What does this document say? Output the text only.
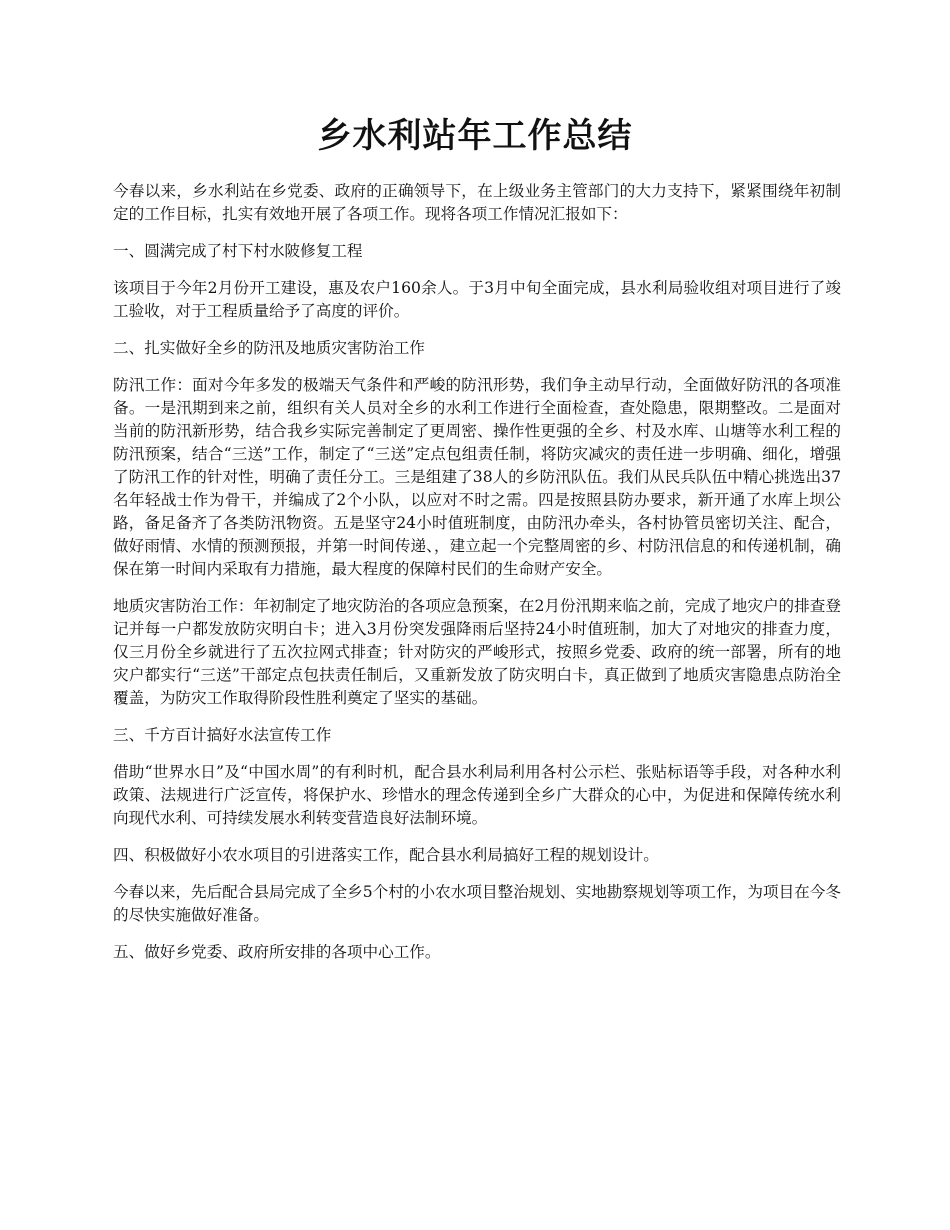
乡水利站年工作总结

今春以来，乡水利站在乡党委、政府的正确领导下，在上级业务主管部门的大力支持下，紧紧围绕年初制定的工作目标，扎实有效地开展了各项工作。现将各项工作情况汇报如下：

一、圆满完成了村下村水陂修复工程

该项目于今年2月份开工建设，惠及农户160余人。于3月中旬全面完成，县水利局验收组对项目进行了竣工验收，对于工程质量给予了高度的评价。

二、扎实做好全乡的防汛及地质灾害防治工作

防汛工作：面对今年多发的极端天气条件和严峻的防汛形势，我们争主动早行动，全面做好防汛的各项准备。一是汛期到来之前，组织有关人员对全乡的水利工作进行全面检查，查处隐患，限期整改。二是面对当前的防汛新形势，结合我乡实际完善制定了更周密、操作性更强的全乡、村及水库、山塘等水利工程的防汛预案，结合“三送”工作，制定了“三送”定点包组责任制，将防灾减灾的责任进一步明确、细化，增强了防汛工作的针对性，明确了责任分工。三是组建了38人的乡防汛队伍。我们从民兵队伍中精心挑选出37名年轻战士作为骨干，并编成了2个小队，以应对不时之需。四是按照县防办要求，新开通了水库上坝公路，备足备齐了各类防汛物资。五是坚守24小时值班制度，由防汛办牵头，各村协管员密切关注、配合，做好雨情、水情的预测预报，并第一时间传递、，建立起一个完整周密的乡、村防汛信息的和传递机制，确保在第一时间内采取有力措施，最大程度的保障村民们的生命财产安全。

地质灾害防治工作：年初制定了地灾防治的各项应急预案，在2月份汛期来临之前，完成了地灾户的排查登记并每一户都发放防灾明白卡；进入3月份突发强降雨后坚持24小时值班制，加大了对地灾的排查力度，仅三月份全乡就进行了五次拉网式排查；针对防灾的严峻形式，按照乡党委、政府的统一部署，所有的地灾户都实行“三送”干部定点包扶责任制后，又重新发放了防灾明白卡，真正做到了地质灾害隐患点防治全覆盖，为防灾工作取得阶段性胜利奠定了坚实的基础。

三、千方百计搞好水法宣传工作

借助“世界水日”及“中国水周”的有利时机，配合县水利局利用各村公示栏、张贴标语等手段，对各种水利政策、法规进行广泛宣传，将保护水、珍惜水的理念传递到全乡广大群众的心中，为促进和保障传统水利向现代水利、可持续发展水利转变营造良好法制环境。

四、积极做好小农水项目的引进落实工作，配合县水利局搞好工程的规划设计。

今春以来，先后配合县局完成了全乡5个村的小农水项目整治规划、实地勘察规划等项工作，为项目在今冬的尽快实施做好准备。

五、做好乡党委、政府所安排的各项中心工作。
